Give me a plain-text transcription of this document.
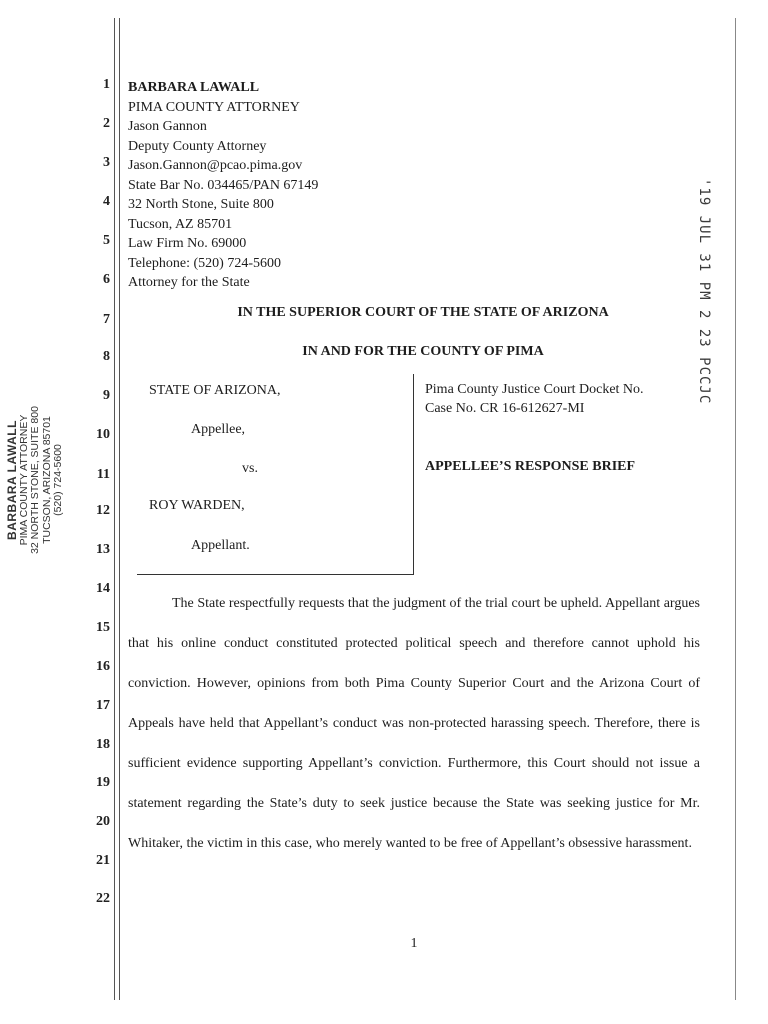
BARBARA LAWALL
PIMA COUNTY ATTORNEY 32 NORTH STONE, SUITE 800 TUCSON, ARIZONA 85701 (520) 724-5600
'19 JUL 31 PM 2 23 PCCJC
1
2
3
4
5
6
7
8
9
10
11
12
13
14
15
16
17
18
19
20
21
22
BARBARA LAWALL
PIMA COUNTY ATTORNEY
Jason Gannon
Deputy County Attorney
Jason.Gannon@pcao.pima.gov
State Bar No. 034465/PAN 67149
32 North Stone, Suite 800
Tucson, AZ 85701
Law Firm No. 69000
Telephone: (520) 724-5600
Attorney for the State
IN THE SUPERIOR COURT OF THE STATE OF ARIZONA
IN AND FOR THE COUNTY OF PIMA
STATE OF ARIZONA,
Appellee,
vs.
ROY WARDEN,
Appellant.
Pima County Justice Court Docket No.
Case No. CR 16-612627-MI
APPELLEE’S RESPONSE BRIEF
The State respectfully requests that the judgment of the trial court be upheld. Appellant argues that his online conduct constituted protected political speech and therefore cannot uphold his conviction. However, opinions from both Pima County Superior Court and the Arizona Court of Appeals have held that Appellant’s conduct was non-protected harassing speech. Therefore, there is sufficient evidence supporting Appellant’s conviction. Furthermore, this Court should not issue a statement regarding the State’s duty to seek justice because the State was seeking justice for Mr. Whitaker, the victim in this case, who merely wanted to be free of Appellant’s obsessive harassment.
1
